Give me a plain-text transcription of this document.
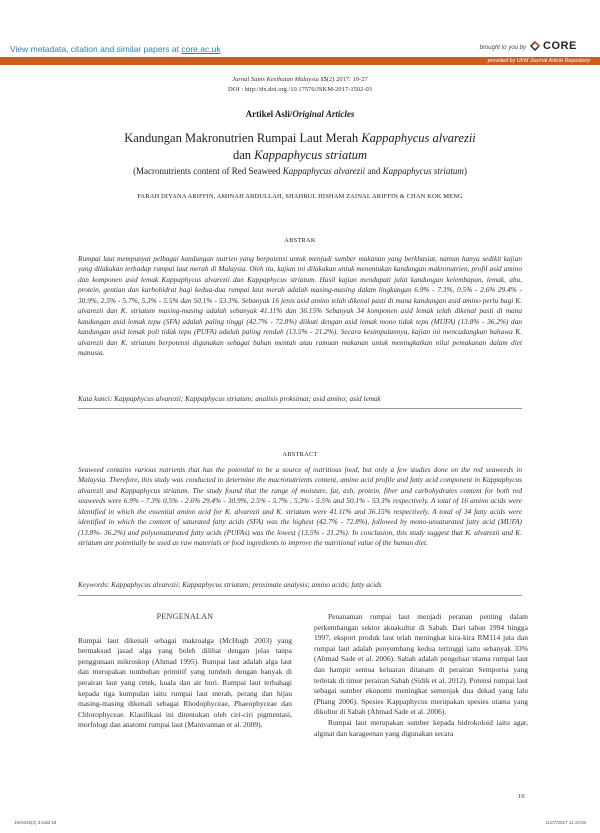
View metadata, citation and similar papers at core.ac.uk	brought to you by CORE
provided by UKM Journal Article Repository
Jurnal Sains Kesihatan Malaysia 15(2) 2017: 19-27
DOI : http://dx.doi.org./10.17576/JSKM-2017-1502-03
Artikel Asli/Original Articles
Kandungan Makronutrien Rumpai Laut Merah Kappaphycus alvarezii
dan Kappaphycus striatum
(Macronutrients content of Red Seaweed Kappaphycus alvarezii and Kappaphycus striatum)
FARAH DIYANA ARIFFIN, AMINAH ABDULLAH, SHAHRUL HISHAM ZAINAL ARIFFIN & CHAN KOK MENG
ABSTRAK
Rumpai laut mempunyai pelbagai kandungan nutrien yang berpotensi untuk menjadi sumber makanan yang berkhasiat, namun hanya sedikit kajian yang dilakukan terhadap rumpai laut merah di Malaysia. Oleh itu, kajian ini dilakukan untuk menentukan kandungan makronutrien, profil asid amino dan komponen asid lemak Kappaphycus alvarezii dan Kappaphycus striatum. Hasil kajian mendapati julat kandungan kelembapan, lemak, abu, protein, gentian dan karbohidrat bagi kedua-dua rumpai laut merah adalah masing-masing dalam lingkungan 6.9% - 7.3%, 0.5% - 2.6% 29.4% - 30.9%, 2.5% - 5.7%, 5.3% - 5.5% dan 50.1% - 53.3%. Sebanyak 16 jenis asid amino telah dikenal pasti di mana kandungan asid amino perlu bagi K. alvarezii dan K. striatum masing-masing adalah sebanyak 41.11% dan 36.15% Sebanyak 34 komponen asid lemak telah dikenal pasti di mana kandungan asid lemak tepu (SFA) adalah paling tinggi (42.7% - 72.8%) diikuti dengan asid lemak mono tidak tepu (MUFA) (13.8% - 36.2%) dan kandungan asid lemak poli tidak tepu (PUFA) adalah paling rendah (13.5% - 21.2%). Secara kesimpulannya, kajian ini mencadangkan bahawa K. alvarezii dan K. striatum berpotensi digunakan sebagai bahan mentah atau ramuan makanan untuk meningkatkan nilai pemakanan dalam diet manusia.
Kata kunci: Kappaphycus alvarezii; Kappaphycus striatum; analisis proksimat; asid amino; asid lemak
ABSTRACT
Seaweed contains various nutrients that has the potential to be a source of nutritious food, but only a few studies done on the red seaweeds in Malaysia. Therefore, this study was conducted to determine the macronutrients content, amino acid profile and fatty acid component in Kappaphycus alvarezii and Kappaphycus striatum. The study found that the range of moisture, fat, ash, protein, fiber and carbohydrates content for both red seaweeds were 6.9% - 7.3% 0.5% - 2.6% 29.4% - 30.9%, 2.5% - 5.7% , 5.3% - 5.5% and 50.1% - 53.3% respectively. A total of 16 amino acids were identified in which the essential amino acid for K. alvarezii and K. striatum were 41.11% and 36.15% respectively. A total of 34 fatty acids were identified in which the content of saturated fatty acids (SFA) was the highest (42.7% - 72.8%), followed by mono-unsaturated fatty acid (MUFA) (13.8%- 36.2%) and polyunsaturated fatty acids (PUFAs) was the lowest (13.5% - 21.2%). In conclusion, this study suggest that K. alvarezii and K. striatum are potentially be used as raw materials or food ingredients to improve the nutritional value of the human diet.
Keywords: Kappaphycus alvarezii; Kappaphycus striatum; proximate analysis; amino acids; fatty acids
PENGENALAN

Rumpai laut dikenali sebagai makroalga (McHugh 2003) yang bermaksud jasad alga yang boleh dilihat dengan jelas tanpa penggunaan mikroskop (Ahmad 1995). Rumpai laut adalah alga laut dan merupakan tumbuhan primitif yang tumbuh dengan banyak di perairan laut yang cetek, kuala dan air buri. Rumpai laut terbahagi kepada tiga kumpulan iaitu rumpai laut merah, perang dan hijau masing-masing dikenali sebagai Rhodophyceae, Phaeophyceae dan Chlorophyceae. Klasifikasi ini ditentukan oleh ciri-ciri pigmentasi, morfologi dan anatomi rumpai laut (Manivannan et al. 2009).

Penanaman rumpai laut menjadi peranan penting dalam perkembangan sektor akuakultur di Sabah. Dari tahun 1994 hingga 1997, eksport produk laut telah meningkat kira-kira RM114 juta dan rumpai laut adalah penyumbang kedua tertinggi iaitu sebanyak 33% (Ahmad Sade et al. 2006). Sabah adalah pengeluar utama rumpai laut dan hampir semua keluaran ditanam di perairan Semporna yang terletak di timur perairan Sabah (Sidik et al. 2012). Potensi rumpai laut sebagai sumber ekonomi meningkat semenjak dua dekad yang lalu (Phang 2006). Spesies Kappaphycus merupakan spesies utama yang dikultur di Sabah (Ahmad Sade et al. 2006).

Rumpai laut merupakan sumber kepada hidrokoloid iaitu agar, alginat dan karageenan yang digunakan secara

19
JSKM15(2) 3.indd 19	11/07/2017 11:10:06
